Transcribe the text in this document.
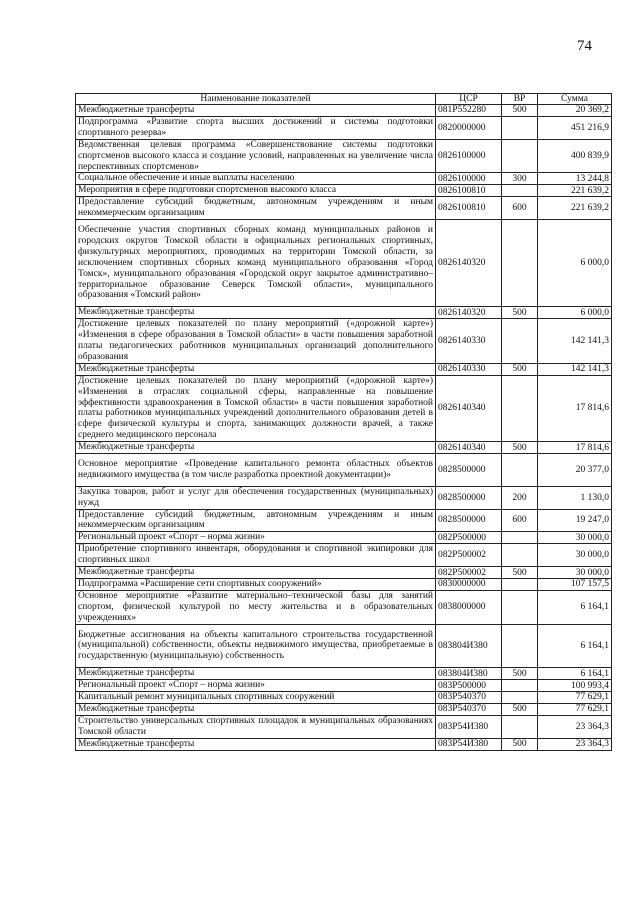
74
Наименование показателей	ЦСР	ВР	Сумма
Межбюджетные трансферты	081Р552280	500	20 369,2
Подпрограмма «Развитие спорта высших достижений и системы подготовки спортивного резерва»	0820000000		451 216,9
Ведомственная целевая программа «Совершенствование системы подготовки спортсменов высокого класса и создание условий, направленных на увеличение числа перспективных спортсменов»	0826100000		400 839,9
Социальное обеспечение и иные выплаты населению	0826100000	300	13 244,8
Мероприятия в сфере подготовки спортсменов высокого класса	0826100810		221 639,2
Предоставление субсидий бюджетным, автономным учреждениям и иным некоммерческим организациям	0826100810	600	221 639,2
Обеспечение участия спортивных сборных команд муниципальных районов и городских округов Томской области в официальных региональных спортивных, физкультурных мероприятиях, проводимых на территории Томской области, за исключением спортивных сборных команд муниципального образования «Город Томск», муниципального образования «Городской округ закрытое административно–территориальное образование Северск Томской области», муниципального образования «Томский район»	0826140320		6 000,0
Межбюджетные трансферты	0826140320	500	6 000,0
Достижение целевых показателей по плану мероприятий («дорожной карте») «Изменения в сфере образования в Томской области» в части повышения заработной платы педагогических работников муниципальных организаций дополнительного образования	0826140330		142 141,3
Межбюджетные трансферты	0826140330	500	142 141,3
Достижение целевых показателей по плану мероприятий («дорожной карте») «Изменения в отраслях социальной сферы, направленные на повышение эффективности здравоохранения в Томской области» в части повышения заработной платы работников муниципальных учреждений дополнительного образования детей в сфере физической культуры и спорта, занимающих должности врачей, а также среднего медицинского персонала	0826140340		17 814,6
Межбюджетные трансферты	0826140340	500	17 814,6
Основное мероприятие «Проведение капитального ремонта областных объектов недвижимого имущества (в том числе разработка проектной документации)»	0828500000		20 377,0
Закупка товаров, работ и услуг для обеспечения государственных (муниципальных) нужд	0828500000	200	1 130,0
Предоставление субсидий бюджетным, автономным учреждениям и иным некоммерческим организациям	0828500000	600	19 247,0
Региональный проект «Спорт – норма жизни»	082Р500000		30 000,0
Приобретение спортивного инвентаря, оборудования и спортивной экипировки для спортивных школ	082Р500002		30 000,0
Межбюджетные трансферты	082Р500002	500	30 000,0
Подпрограмма «Расширение сети спортивных сооружений»	0830000000		107 157,5
Основное мероприятие «Развитие материально–технической базы для занятий спортом, физической культурой по месту жительства и в образовательных учреждениях»	0838000000		6 164,1
Бюджетные ассигнования на объекты капитального строительства государственной (муниципальной) собственности, объекты недвижимого имущества, приобретаемые в государственную (муниципальную) собственность	083804И380		6 164,1
Межбюджетные трансферты	083804И380	500	6 164,1
Региональный проект «Спорт – норма жизни»	083Р500000		100 993,4
Капитальный ремонт муниципальных спортивных сооружений	083Р540370		77 629,1
Межбюджетные трансферты	083Р540370	500	77 629,1
Строительство универсальных спортивных площадок в муниципальных образованиях Томской области	083Р54И380		23 364,3
Межбюджетные трансферты	083Р54И380	500	23 364,3
